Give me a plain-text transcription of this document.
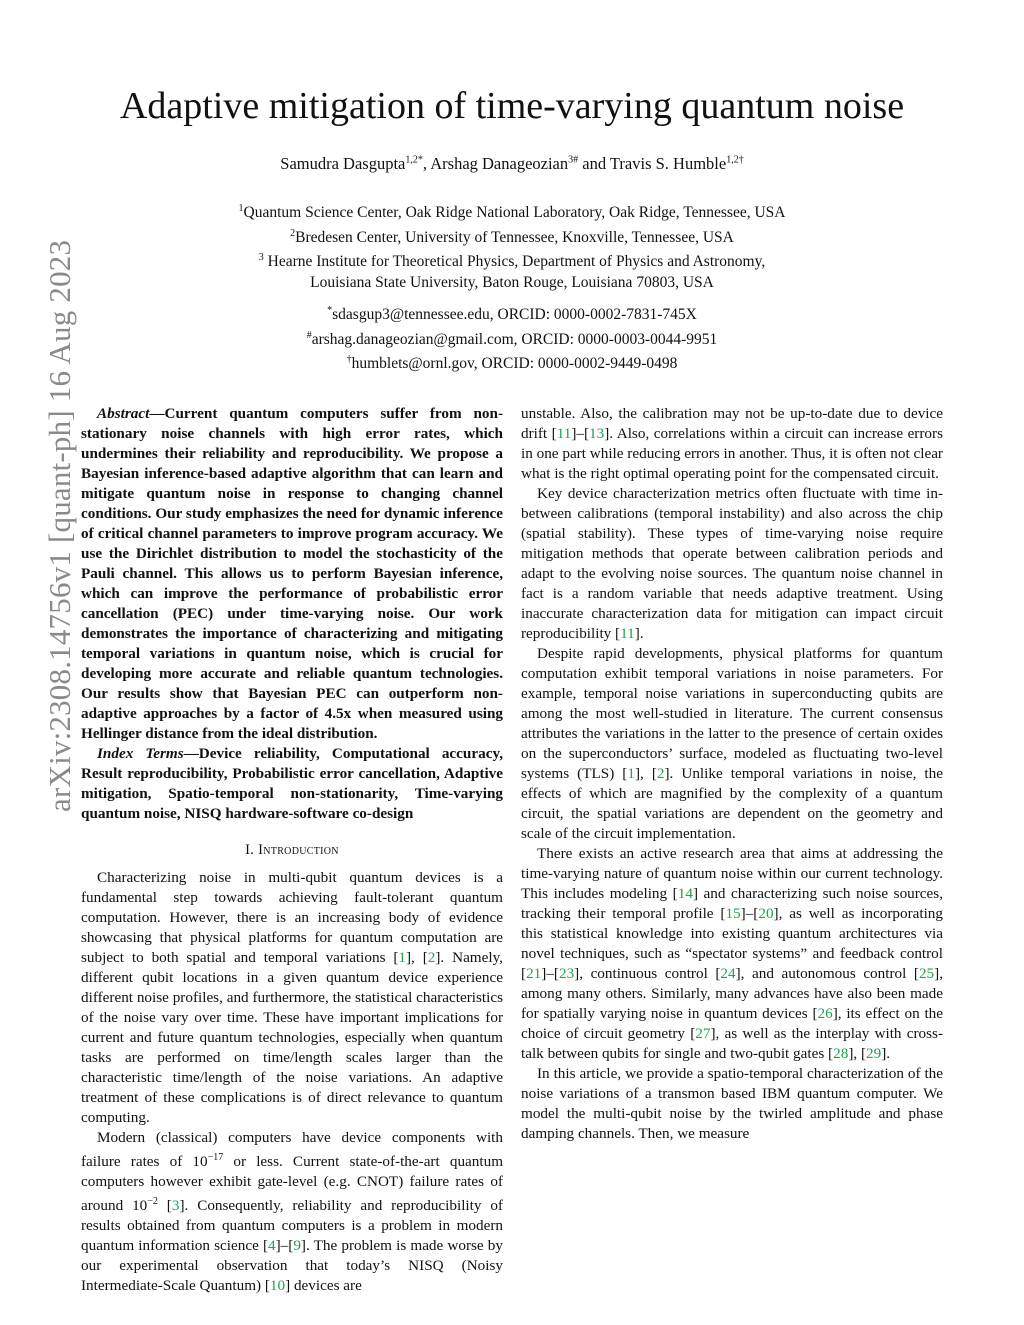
arXiv:2308.14756v1 [quant-ph] 16 Aug 2023
Adaptive mitigation of time-varying quantum noise
Samudra Dasgupta$^{1,2*}$, Arshag Danageozian$^{3\#}$ and Travis S. Humble$^{1,2\dagger}$
$^1$Quantum Science Center, Oak Ridge National Laboratory, Oak Ridge, Tennessee, USA
$^2$Bredesen Center, University of Tennessee, Knoxville, Tennessee, USA
$^3$ Hearne Institute for Theoretical Physics, Department of Physics and Astronomy,
Louisiana State University, Baton Rouge, Louisiana 70803, USA
*sdasgup3@tennessee.edu, ORCID: 0000-0002-7831-745X
#arshag.danageozian@gmail.com, ORCID: 0000-0003-0044-9951
†humblets@ornl.gov, ORCID: 0000-0002-9449-0498

Abstract—Current quantum computers suffer from non-stationary noise channels with high error rates, which undermines their reliability and reproducibility. We propose a Bayesian inference-based adaptive algorithm that can learn and mitigate quantum noise in response to changing channel conditions. Our study emphasizes the need for dynamic inference of critical channel parameters to improve program accuracy. We use the Dirichlet distribution to model the stochasticity of the Pauli channel. This allows us to perform Bayesian inference, which can improve the performance of probabilistic error cancellation (PEC) under time-varying noise. Our work demonstrates the importance of characterizing and mitigating temporal variations in quantum noise, which is crucial for developing more accurate and reliable quantum technologies. Our results show that Bayesian PEC can outperform non-adaptive approaches by a factor of 4.5x when measured using Hellinger distance from the ideal distribution.

Index Terms—Device reliability, Computational accuracy, Result reproducibility, Probabilistic error cancellation, Adaptive mitigation, Spatio-temporal non-stationarity, Time-varying quantum noise, NISQ hardware-software co-design

I. Introduction

Characterizing noise in multi-qubit quantum devices is a fundamental step towards achieving fault-tolerant quantum computation. However, there is an increasing body of evidence showcasing that physical platforms for quantum computation are subject to both spatial and temporal variations [1], [2]. Namely, different qubit locations in a given quantum device experience different noise profiles, and furthermore, the statistical characteristics of the noise vary over time. These have important implications for current and future quantum technologies, especially when quantum tasks are performed on time/length scales larger than the characteristic time/length of the noise variations. An adaptive treatment of these complications is of direct relevance to quantum computing.

Modern (classical) computers have device components with failure rates of $10^{-17}$ or less. Current state-of-the-art quantum computers however exhibit gate-level (e.g. CNOT) failure rates of around $10^{-2}$ [3]. Consequently, reliability and reproducibility of results obtained from quantum computers is a problem in modern quantum information science [4]–[9]. The problem is made worse by our experimental observation that today’s NISQ (Noisy Intermediate-Scale Quantum) [10] devices are

unstable. Also, the calibration may not be up-to-date due to device drift [11]–[13]. Also, correlations within a circuit can increase errors in one part while reducing errors in another. Thus, it is often not clear what is the right optimal operating point for the compensated circuit.

Key device characterization metrics often fluctuate with time in-between calibrations (temporal instability) and also across the chip (spatial stability). These types of time-varying noise require mitigation methods that operate between calibration periods and adapt to the evolving noise sources. The quantum noise channel in fact is a random variable that needs adaptive treatment. Using inaccurate characterization data for mitigation can impact circuit reproducibility [11].

Despite rapid developments, physical platforms for quantum computation exhibit temporal variations in noise parameters. For example, temporal noise variations in superconducting qubits are among the most well-studied in literature. The current consensus attributes the variations in the latter to the presence of certain oxides on the superconductors’ surface, modeled as fluctuating two-level systems (TLS) [1], [2]. Unlike temporal variations in noise, the effects of which are magnified by the complexity of a quantum circuit, the spatial variations are dependent on the geometry and scale of the circuit implementation.

There exists an active research area that aims at addressing the time-varying nature of quantum noise within our current technology. This includes modeling [14] and characterizing such noise sources, tracking their temporal profile [15]–[20], as well as incorporating this statistical knowledge into existing quantum architectures via novel techniques, such as “spectator systems” and feedback control [21]–[23], continuous control [24], and autonomous control [25], among many others. Similarly, many advances have also been made for spatially varying noise in quantum devices [26], its effect on the choice of circuit geometry [27], as well as the interplay with cross-talk between qubits for single and two-qubit gates [28], [29].

In this article, we provide a spatio-temporal characterization of the noise variations of a transmon based IBM quantum computer. We model the multi-qubit noise by the twirled amplitude and phase damping channels. Then, we measure
